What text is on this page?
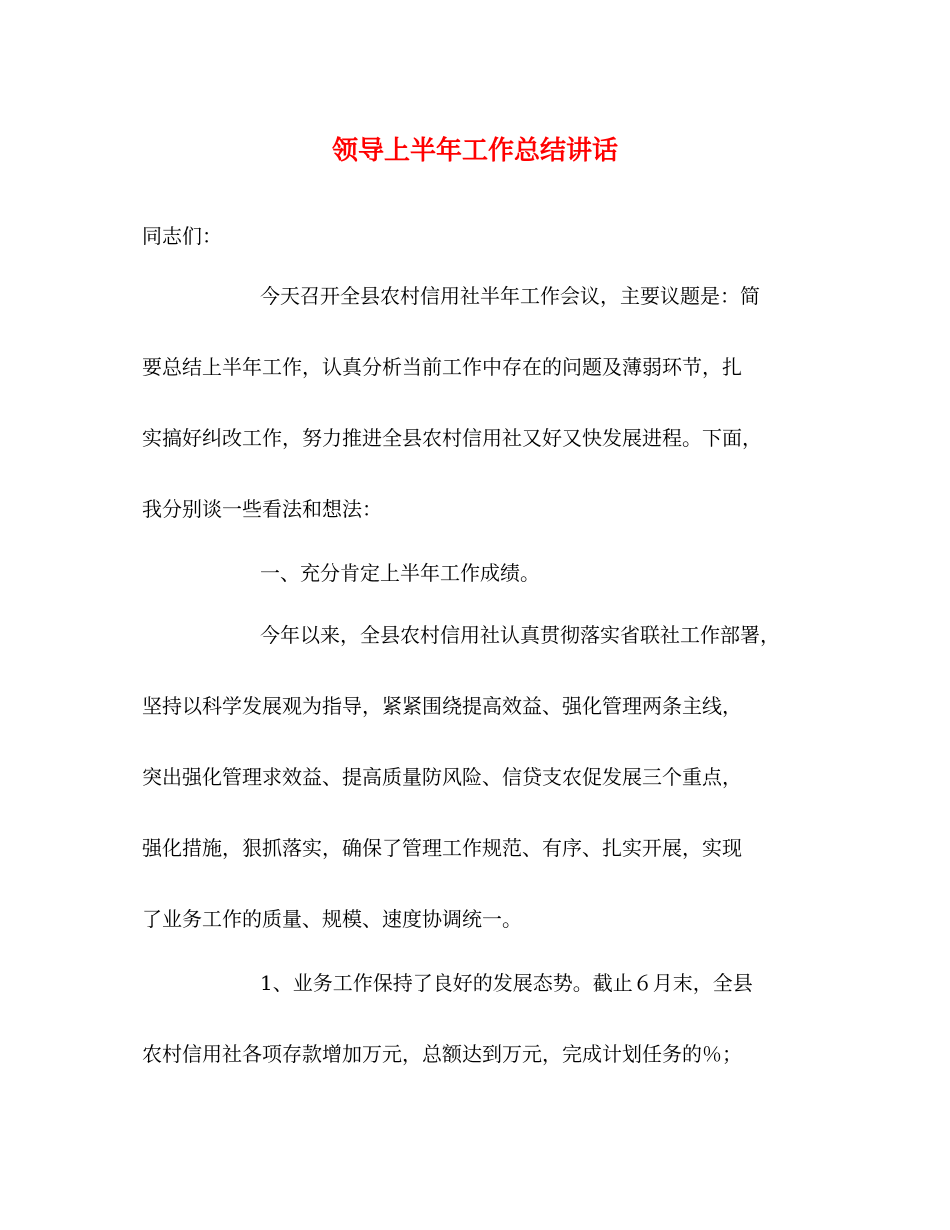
领导上半年工作总结讲话

同志们：

今天召开全县农村信用社半年工作会议，主要议题是：简

要总结上半年工作，认真分析当前工作中存在的问题及薄弱环节，扎

实搞好纠改工作，努力推进全县农村信用社又好又快发展进程。下面，

我分别谈一些看法和想法：

一、充分肯定上半年工作成绩。

今年以来，全县农村信用社认真贯彻落实省联社工作部署，

坚持以科学发展观为指导，紧紧围绕提高效益、强化管理两条主线，

突出强化管理求效益、提高质量防风险、信贷支农促发展三个重点，

强化措施，狠抓落实，确保了管理工作规范、有序、扎实开展，实现

了业务工作的质量、规模、速度协调统一。

1、业务工作保持了良好的发展态势。截止６月末，全县

农村信用社各项存款增加万元，总额达到万元，完成计划任务的％；
